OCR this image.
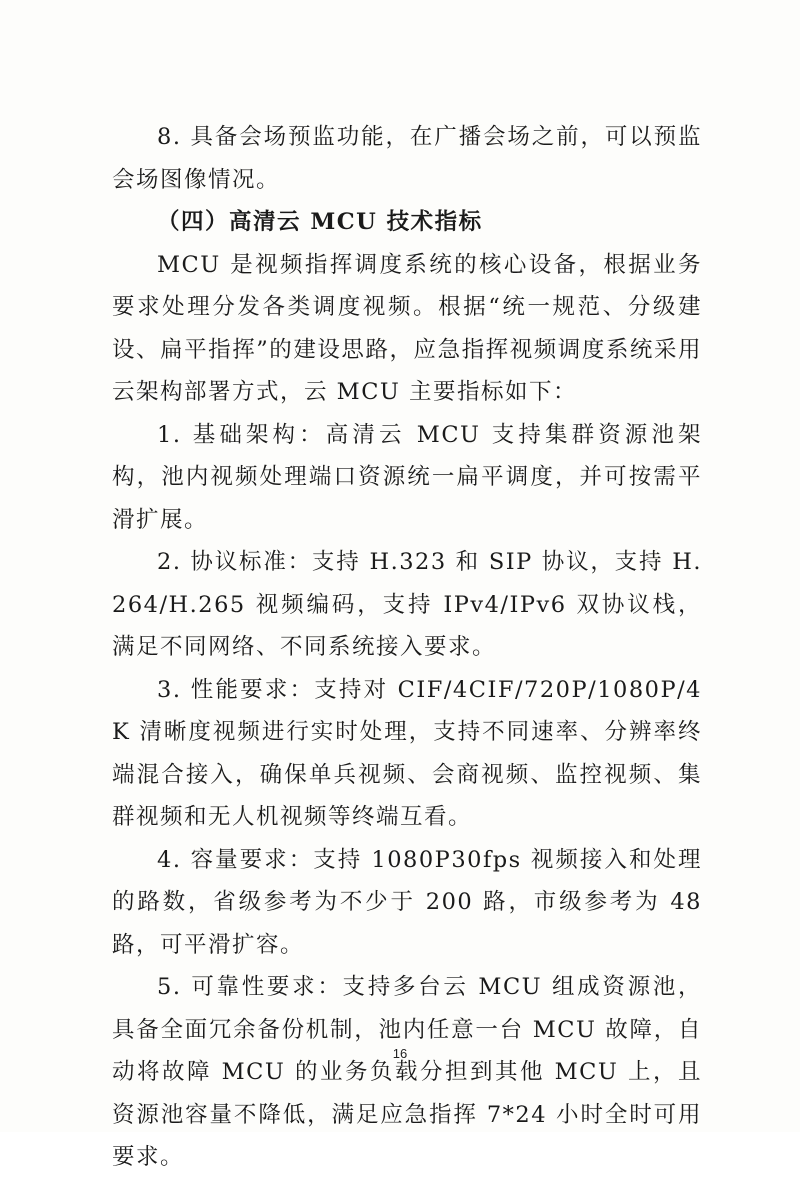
8. 具备会场预监功能，在广播会场之前，可以预监会场图像情况。

（四）高清云 MCU 技术指标

MCU 是视频指挥调度系统的核心设备，根据业务要求处理分发各类调度视频。根据“统一规范、分级建设、扁平指挥”的建设思路，应急指挥视频调度系统采用云架构部署方式，云 MCU 主要指标如下：

1. 基础架构：高清云 MCU 支持集群资源池架构，池内视频处理端口资源统一扁平调度，并可按需平滑扩展。

2. 协议标准：支持 H.323 和 SIP 协议，支持 H.264/H.265 视频编码，支持 IPv4/IPv6 双协议栈，满足不同网络、不同系统接入要求。

3. 性能要求：支持对 CIF/4CIF/720P/1080P/4K 清晰度视频进行实时处理，支持不同速率、分辨率终端混合接入，确保单兵视频、会商视频、监控视频、集群视频和无人机视频等终端互看。

4. 容量要求：支持 1080P30fps 视频接入和处理的路数，省级参考为不少于 200 路，市级参考为 48 路，可平滑扩容。

5. 可靠性要求：支持多台云 MCU 组成资源池，具备全面冗余备份机制，池内任意一台 MCU 故障，自动将故障 MCU 的业务负载分担到其他 MCU 上，且资源池容量不降低，满足应急指挥 7*24 小时全时可用要求。

16
